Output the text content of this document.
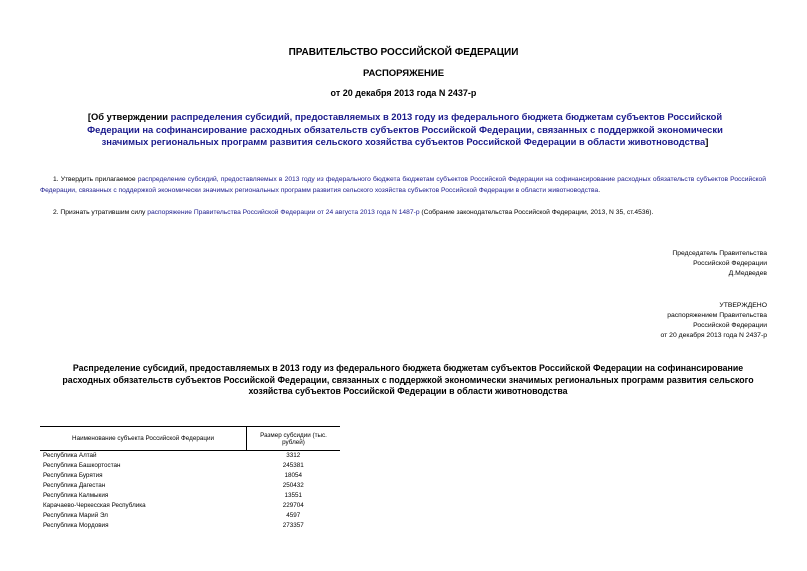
ПРАВИТЕЛЬСТВО РОССИЙСКОЙ ФЕДЕРАЦИИ
РАСПОРЯЖЕНИЕ
от 20 декабря 2013 года N 2437-р
[Об утверждении распределения субсидий, предоставляемых в 2013 году из федерального бюджета бюджетам субъектов Российской Федерации на софинансирование расходных обязательств субъектов Российской Федерации, связанных с поддержкой экономически значимых региональных программ развития сельского хозяйства субъектов Российской Федерации в области животноводства]
1. Утвердить прилагаемое распределение субсидий, предоставляемых в 2013 году из федерального бюджета бюджетам субъектов Российской Федерации на софинансирование расходных обязательств субъектов Российской Федерации, связанных с поддержкой экономически значимых региональных программ развития сельского хозяйства субъектов Российской Федерации в области животноводства.
2. Признать утратившим силу распоряжение Правительства Российской Федерации от 24 августа 2013 года N 1487-р (Собрание законодательства Российской Федерации, 2013, N 35, ст.4536).
Председатель Правительства
Российской Федерации
Д.Медведев
УТВЕРЖДЕНО
распоряжением Правительства
Российской Федерации
от 20 декабря 2013 года N 2437-р
Распределение субсидий, предоставляемых в 2013 году из федерального бюджета бюджетам субъектов Российской Федерации на софинансирование расходных обязательств субъектов Российской Федерации, связанных с поддержкой экономически значимых региональных программ развития сельского хозяйства субъектов Российской Федерации в области животноводства
Наименование субъекта Российской Федерации	Размер субсидии (тыс. рублей)
Республика Алтай	3312
Республика Башкортостан	245381
Республика Бурятия	18054
Республика Дагестан	250432
Республика Калмыкия	13551
Карачаево-Черкесская Республика	229704
Республика Марий Эл	4597
Республика Мордовия	273357
